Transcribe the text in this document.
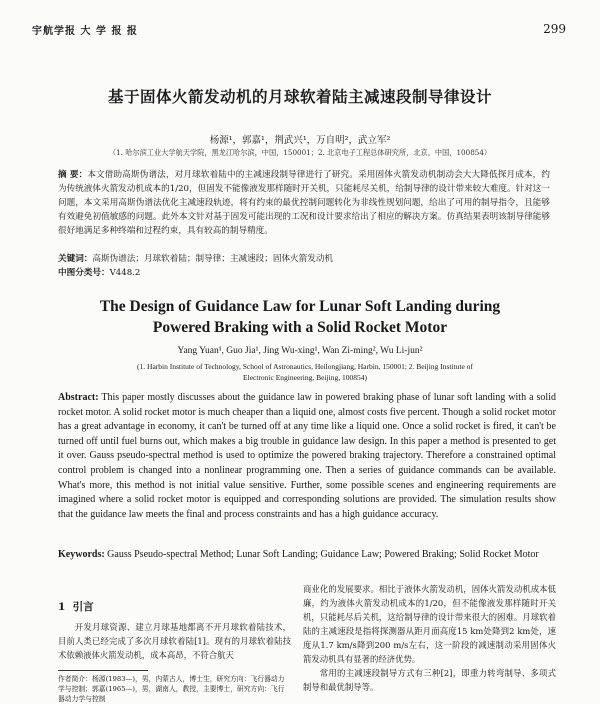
宇航学报 大 学 报 报	299
基于固体火箭发动机的月球软着陆主减速段制导律设计
杨源¹，郭嘉¹，荆武兴¹，万自明²，武立军²
（1. 哈尔滨工业大学航天学院，黑龙江哈尔滨，中国，150001；2. 北京电子工程总体研究所，北京，中国，100854）
摘 要：本文借助高斯伪谱法，对月球软着陆中的主减速段制导律进行了研究。采用固体火箭发动机制动会大大降低探月成本，约为传统液体火箭发动机成本的1/20，但固发不能像液发那样随时开关机，只能耗尽关机，给制导律的设计带来较大难度。针对这一问题，本文采用高斯伪谱法优化主减速段轨迹，将有约束的最优控制问题转化为非线性规划问题，给出了可用的制导指令，且能够有效避免初值敏感的问题。此外本文针对基于固发可能出现的工况和设计要求给出了相应的解决方案。仿真结果表明该制导律能够很好地满足多种终端和过程约束，具有较高的制导精度。
关键词：高斯伪谱法；月球软着陆；制导律；主减速段；固体火箭发动机
中图分类号：V448.2
The Design of Guidance Law for Lunar Soft Landing during
Powered Braking with a Solid Rocket Motor
Yang Yuan¹, Guo Jia¹, Jing Wu-xing¹, Wan Zi-ming², Wu Li-jun²
(1. Harbin Institute of Technology, School of Astronautics, Heilongjiang, Harbin, 150001; 2. Beijing Institute of
Electronic Engineering, Beijing, 100854)
Abstract: This paper mostly discusses about the guidance law in powered braking phase of lunar soft landing with a solid rocket motor. A solid rocket motor is much cheaper than a liquid one, almost costs five percent. Though a solid rocket motor has a great advantage in economy, it can't be turned off at any time like a liquid one. Once a solid rocket is fired, it can't be turned off until fuel burns out, which makes a big trouble in guidance law design. In this paper a method is presented to get it over. Gauss pseudo-spectral method is used to optimize the powered braking trajectory. Therefore a constrained optimal control problem is changed into a nonlinear programming one. Then a series of guidance commands can be available. What's more, this method is not initial value sensitive. Further, some possible scenes and engineering requirements are imagined where a solid rocket motor is equipped and corresponding solutions are provided. The simulation results show that the guidance law meets the final and process constraints and has a high guidance accuracy.
Keywords: Gauss Pseudo-spectral Method; Lunar Soft Landing; Guidance Law; Powered Braking; Solid Rocket Motor
1 引言
开发月球资源、建立月球基地都离不开月球软着陆技术，目前人类已经完成了多次月球软着陆[1]。现有的月球软着陆技术依赖液体火箭发动机，成本高昂，不符合航天
作者简介：杨源(1983—)，男，内蒙古人，博士生，研究方向：飞行器动力学与控制；郭嘉(1965—)，男，湖南人，教授，主要博士，研究方向：飞行器动力学与控制
商业化的发展要求。相比于液体火箭发动机，固体火箭发动机成本低廉，约为液体火箭发动机成本的1/20，但不能像液发那样随时开关机，只能耗尽后关机，这给制导律的设计带来很大的困难。月球软着陆的主减速段是指将探测器从距月面高度15 km处降到2 km处，速度从1.7 km/s降到200 m/s左右，这一阶段的减速制动采用固体火箭发动机具有显著的经济优势。
常用的主减速段制导方式有三种[2]，即重力转弯制导、多项式制导和最优制导等。
